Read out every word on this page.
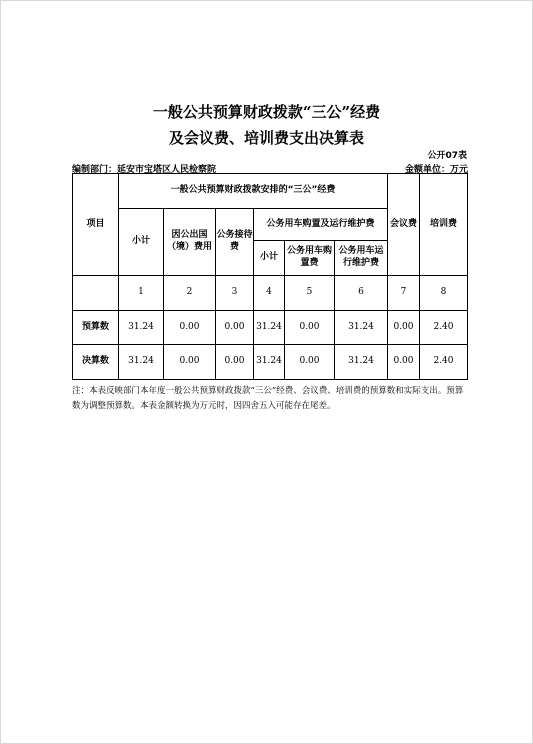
一般公共预算财政拨款“三公”经费
及会议费、培训费支出决算表
公开07表
编制部门：延安市宝塔区人民检察院	金额单位：万元
项目	一般公共预算财政拨款安排的“三公”经费						会议费	培训费
	小计	因公出国（境）费用	公务接待费	公务用车购置及运行维护费				
				小计	公务用车购置费	公务用车运行维护费		
	1	2	3	4	5	6	7	8
预算数	31.24	0.00	0.00	31.24	0.00	31.24	0.00	2.40
决算数	31.24	0.00	0.00	31.24	0.00	31.24	0.00	2.40
注：本表反映部门本年度一般公共预算财政拨款“三公”经费、会议费、培训费的预算数和实际支出。预算数为调整预算数。本表金额转换为万元时，因四舍五入可能存在尾差。
